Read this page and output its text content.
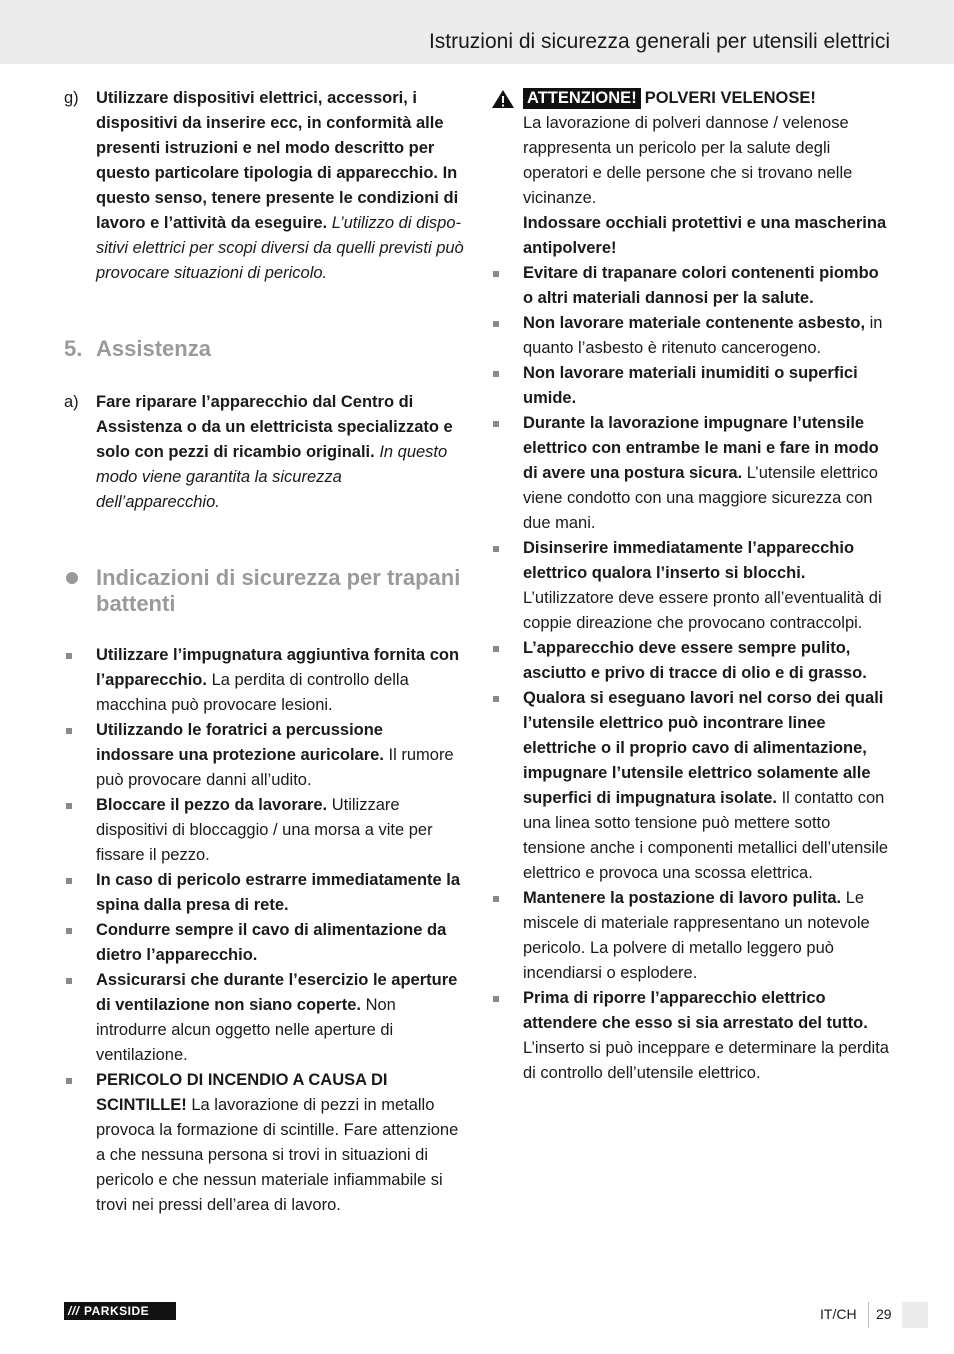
Istruzioni di sicurezza generali per utensili elettrici
g) Utilizzare dispositivi elettrici, accessori, i dispositivi da inserire ecc, in conformità alle presenti istruzioni e nel modo descritto per questo particolare tipologia di apparecchio. In questo senso, tenere presente le condizioni di lavoro e l’attività da eseguire. L’utilizzo di dispositivi elettrici per scopi diversi da quelli previsti può provocare situazioni di pericolo.
5. Assistenza
a) Fare riparare l’apparecchio dal Centro di Assistenza o da un elettricista specializzato e solo con pezzi di ricambio originali. In questo modo viene garantita la sicurezza dell’apparecchio.
Indicazioni di sicurezza per trapani battenti
Utilizzare l’impugnatura aggiuntiva fornita con l’apparecchio. La perdita di controllo della macchina può provocare lesioni.
Utilizzando le foratrici a percussione indossare una protezione auricolare. Il rumore può provocare danni all’udito.
Bloccare il pezzo da lavorare. Utilizzare dispositivi di bloccaggio / una morsa a vite per fissare il pezzo.
In caso di pericolo estrarre immediatamente la spina dalla presa di rete.
Condurre sempre il cavo di alimentazione da dietro l’apparecchio.
Assicurarsi che durante l’esercizio le aperture di ventilazione non siano coperte. Non introdurre alcun oggetto nelle aperture di ventilazione.
PERICOLO DI INCENDIO A CAUSA DI SCINTILLE! La lavorazione di pezzi in metallo provoca la formazione di scintille. Fare attenzione a che nessuna persona si trovi in situazioni di pericolo e che nessun materiale infiammabile si trovi nei pressi dell’area di lavoro.
ATTENZIONE! POLVERI VELENOSE!
La lavorazione di polveri dannose / velenose rappresenta un pericolo per la salute degli operatori e delle persone che si trovano nelle vicinanze.
Indossare occhiali protettivi e una mascherina antipolvere!
Evitare di trapanare colori contenenti piombo o altri materiali dannosi per la salute.
Non lavorare materiale contenente asbesto, in quanto l’asbesto è ritenuto cancerogeno.
Non lavorare materiali inumiditi o superfici umide.
Durante la lavorazione impugnare l’utensile elettrico con entrambe le mani e fare in modo di avere una postura sicura. L’utensile elettrico viene condotto con una maggiore sicurezza con due mani.
Disinserire immediatamente l’apparecchio elettrico qualora l’inserto si blocchi. L’utilizzatore deve essere pronto all’eventualità di coppie direazione che provocano contraccolpi.
L’apparecchio deve essere sempre pulito, asciutto e privo di tracce di olio e di grasso.
Qualora si eseguano lavori nel corso dei quali l’utensile elettrico può incontrare linee elettriche o il proprio cavo di alimentazione, impugnare l’utensile elettrico solamente alle superfici di impugnatura isolate. Il contatto con una linea sotto tensione può mettere sotto tensione anche i componenti metallici dell’utensile elettrico e provoca una scossa elettrica.
Mantenere la postazione di lavoro pulita. Le miscele di materiale rappresentano un notevole pericolo. La polvere di metallo leggero può incendiarsi o esplodere.
Prima di riporre l’apparecchio elettrico attendere che esso si sia arrestato del tutto. L’inserto si può inceppare e determinare la perdita di controllo dell’utensile elettrico.
/// PARKSIDE	IT/CH 29
